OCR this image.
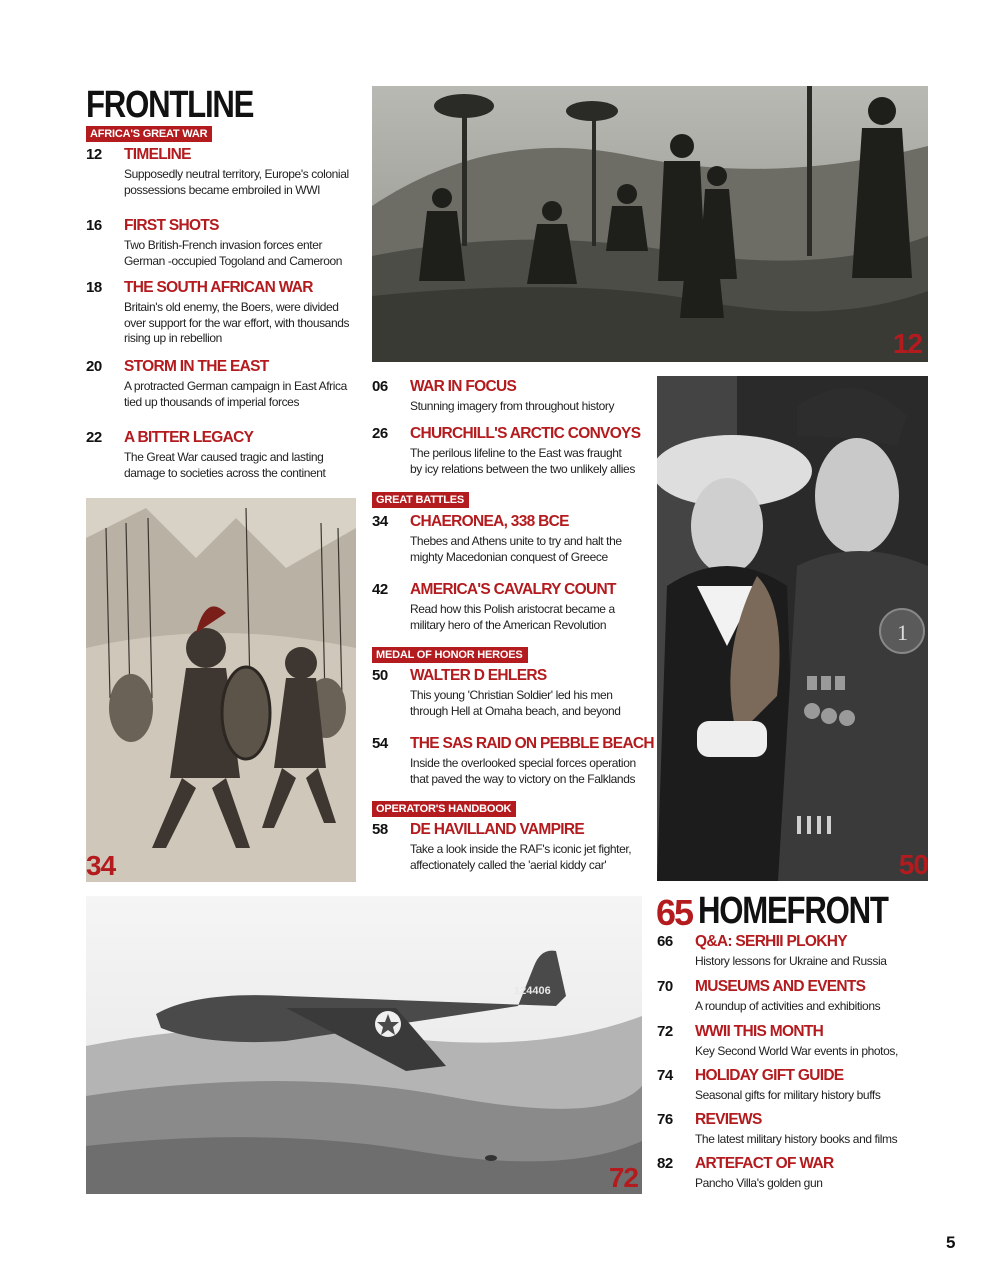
FRONTLINE
AFRICA'S GREAT WAR
12 TIMELINE
Supposedly neutral territory, Europe's colonial possessions became embroiled in WWI
16 FIRST SHOTS
Two British-French invasion forces enter German -occupied Togoland and Cameroon
18 THE SOUTH AFRICAN WAR
Britain's old enemy, the Boers, were divided over support for the war effort, with thousands rising up in rebellion
20 STORM IN THE EAST
A protracted German campaign in East Africa tied up thousands of imperial forces
22 A BITTER LEGACY
The Great War caused tragic and lasting damage to societies across the continent
12
06 WAR IN FOCUS
Stunning imagery from throughout history
26 CHURCHILL'S ARCTIC CONVOYS
The perilous lifeline to the East was fraught by icy relations between the two unlikely allies
GREAT BATTLES
34 CHAERONEA, 338 BCE
Thebes and Athens unite to try and halt the mighty Macedonian conquest of Greece
42 AMERICA'S CAVALRY COUNT
Read how this Polish aristocrat became a military hero of the American Revolution
MEDAL OF HONOR HEROES
50 WALTER D EHLERS
This young 'Christian Soldier' led his men through Hell at Omaha beach, and beyond
54 THE SAS RAID ON PEBBLE BEACH
Inside the overlooked special forces operation that paved the way to victory on the Falklands
OPERATOR'S HANDBOOK
58 DE HAVILLAND VAMPIRE
Take a look inside the RAF's iconic jet fighter, affectionately called the 'aerial kiddy car'
34
1
50
124406
72
65 HOMEFRONT
66 Q&A: SERHII PLOKHY
History lessons for Ukraine and Russia
70 MUSEUMS AND EVENTS
A roundup of activities and exhibitions
72 WWII THIS MONTH
Key Second World War events in photos,
74 HOLIDAY GIFT GUIDE
Seasonal gifts for military history buffs
76 REVIEWS
The latest military history books and films
82 ARTEFACT OF WAR
Pancho Villa's golden gun
5
